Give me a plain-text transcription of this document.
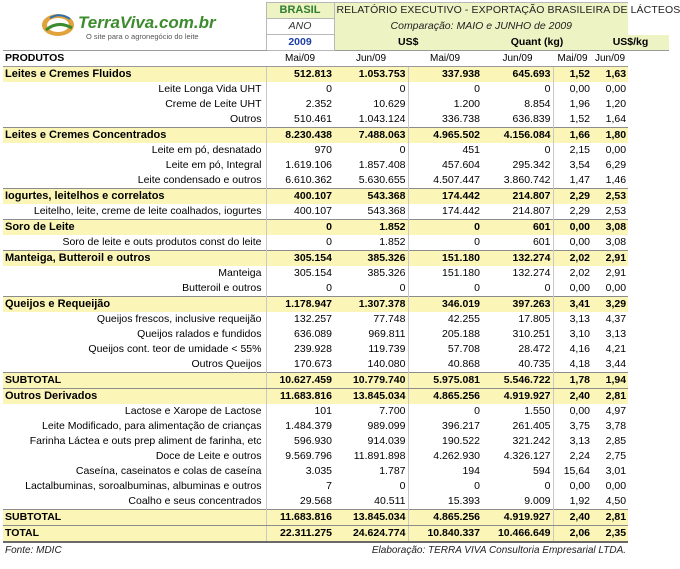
TerraViva.com.br
O site para o agronegócio do leite	BRASIL	RELATÓRIO EXECUTIVO - EXPORTAÇÃO BRASILEIRA DE LÁCTEOS				
	ANO	Comparação: MAIO e JUNHO de 2009				
	2009	US$		Quant (kg)		US$/kg
PRODUTOS	Mai/09	Jun/09	Mai/09	Jun/09	Mai/09	Jun/09
Leites e Cremes Fluidos	512.813	1.053.753	337.938	645.693	1,52	1,63
Leite Longa Vida UHT	0	0	0	0	0,00	0,00
Creme de Leite UHT	2.352	10.629	1.200	8.854	1,96	1,20
Outros	510.461	1.043.124	336.738	636.839	1,52	1,64
Leites e Cremes Concentrados	8.230.438	7.488.063	4.965.502	4.156.084	1,66	1,80
Leite em pó, desnatado	970	0	451	0	2,15	0,00
Leite em pó, Integral	1.619.106	1.857.408	457.604	295.342	3,54	6,29
Leite condensado e outros	6.610.362	5.630.655	4.507.447	3.860.742	1,47	1,46
Iogurtes, leitelhos e correlatos	400.107	543.368	174.442	214.807	2,29	2,53
Leitelho, leite, creme de leite coalhados, iogurtes	400.107	543.368	174.442	214.807	2,29	2,53
Soro de Leite	0	1.852	0	601	0,00	3,08
Soro de leite e outs produtos const do leite	0	1.852	0	601	0,00	3,08
Manteiga, Butteroil e outros	305.154	385.326	151.180	132.274	2,02	2,91
Manteiga	305.154	385.326	151.180	132.274	2,02	2,91
Butteroil e outros	0	0	0	0	0,00	0,00
Queijos e Requeijão	1.178.947	1.307.378	346.019	397.263	3,41	3,29
Queijos frescos, inclusive requeijão	132.257	77.748	42.255	17.805	3,13	4,37
Queijos ralados e fundidos	636.089	969.811	205.188	310.251	3,10	3,13
Queijos cont. teor de umidade < 55%	239.928	119.739	57.708	28.472	4,16	4,21
Outros Queijos	170.673	140.080	40.868	40.735	4,18	3,44
SUBTOTAL	10.627.459	10.779.740	5.975.081	5.546.722	1,78	1,94
Outros Derivados	11.683.816	13.845.034	4.865.256	4.919.927	2,40	2,81
Lactose e Xarope de Lactose	101	7.700	0	1.550	0,00	4,97
Leite Modificado, para alimentação de crianças	1.484.379	989.099	396.217	261.405	3,75	3,78
Farinha Láctea e outs prep aliment de farinha, etc	596.930	914.039	190.522	321.242	3,13	2,85
Doce de Leite e outros	9.569.796	11.891.898	4.262.930	4.326.127	2,24	2,75
Caseína, caseinatos e colas de caseína	3.035	1.787	194	594	15,64	3,01
Lactalbuminas, soroalbuminas, albuminas e outros	7	0	0	0	0,00	0,00
Coalho e seus concentrados	29.568	40.511	15.393	9.009	1,92	4,50
SUBTOTAL	11.683.816	13.845.034	4.865.256	4.919.927	2,40	2,81
TOTAL	22.311.275	24.624.774	10.840.337	10.466.649	2,06	2,35
Fonte: MDIC	Elaboração: TERRA VIVA Consultoria Empresarial LTDA.					
